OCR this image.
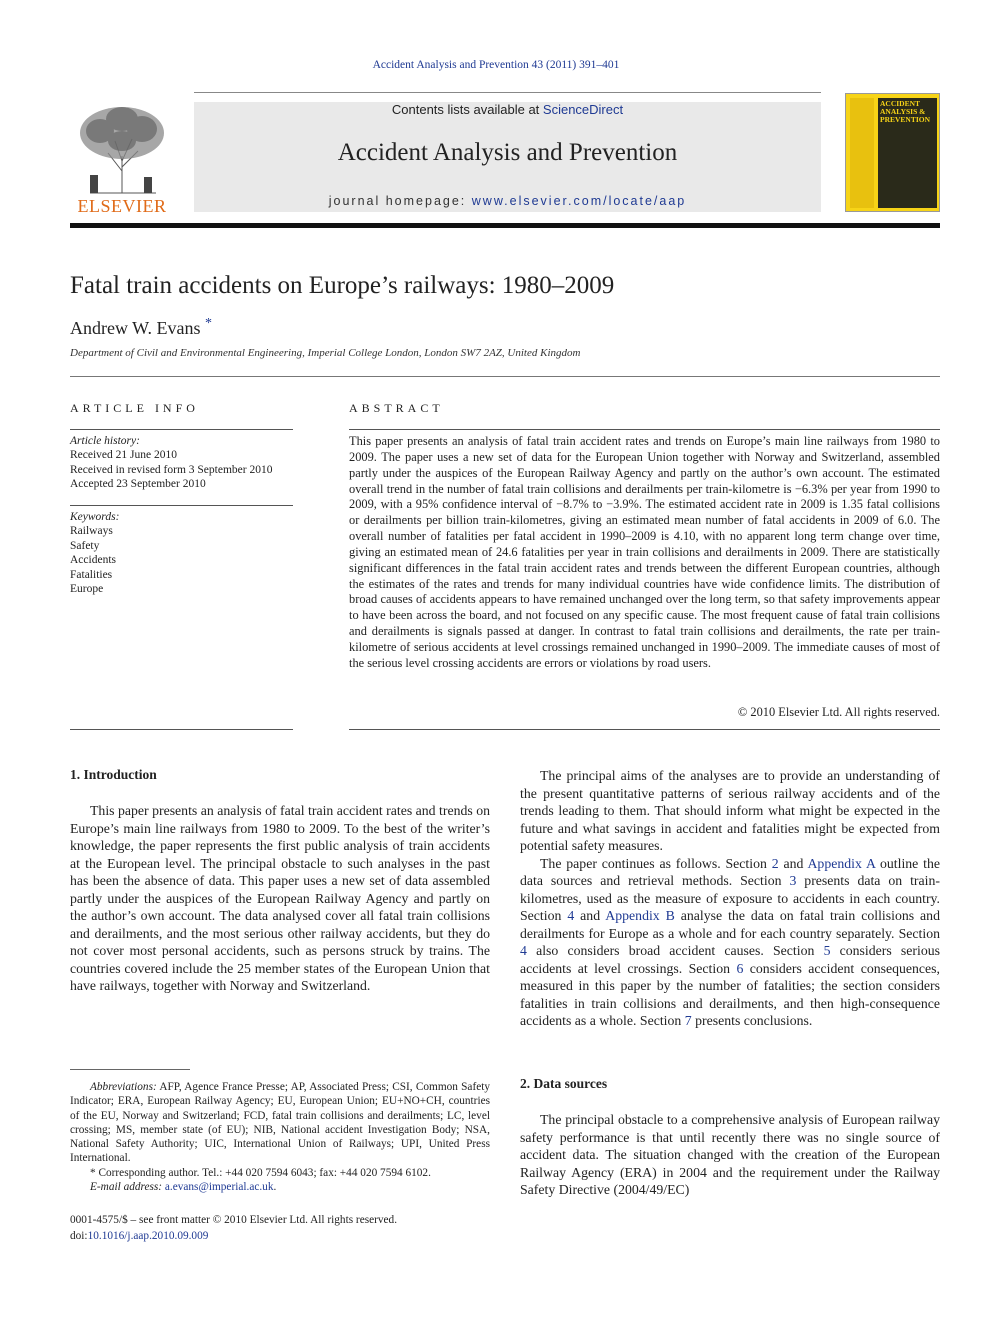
Accident Analysis and Prevention 43 (2011) 391–401
ELSEVIER
Contents lists available at ScienceDirect
Accident Analysis and Prevention
journal homepage: www.elsevier.com/locate/aap
ACCIDENT ANALYSIS & PREVENTION
Fatal train accidents on Europe’s railways: 1980–2009
Andrew W. Evans *
Department of Civil and Environmental Engineering, Imperial College London, London SW7 2AZ, United Kingdom
ARTICLE INFO
Article history:
Received 21 June 2010
Received in revised form 3 September 2010
Accepted 23 September 2010
Keywords:
Railways
Safety
Accidents
Fatalities
Europe
ABSTRACT
This paper presents an analysis of fatal train accident rates and trends on Europe’s main line railways from 1980 to 2009. The paper uses a new set of data for the European Union together with Norway and Switzerland, assembled partly under the auspices of the European Railway Agency and partly on the author’s own account. The estimated overall trend in the number of fatal train collisions and derailments per train-kilometre is −6.3% per year from 1990 to 2009, with a 95% confidence interval of −8.7% to −3.9%. The estimated accident rate in 2009 is 1.35 fatal collisions or derailments per billion train-kilometres, giving an estimated mean number of fatal accidents in 2009 of 6.0. The overall number of fatalities per fatal accident in 1990–2009 is 4.10, with no apparent long term change over time, giving an estimated mean of 24.6 fatalities per year in train collisions and derailments in 2009. There are statistically significant differences in the fatal train accident rates and trends between the different European countries, although the estimates of the rates and trends for many individual countries have wide confidence limits. The distribution of broad causes of accidents appears to have remained unchanged over the long term, so that safety improvements appear to have been across the board, and not focused on any specific cause. The most frequent cause of fatal train collisions and derailments is signals passed at danger. In contrast to fatal train collisions and derailments, the rate per train-kilometre of serious accidents at level crossings remained unchanged in 1990–2009. The immediate causes of most of the serious level crossing accidents are errors or violations by road users.
© 2010 Elsevier Ltd. All rights reserved.
1. Introduction

This paper presents an analysis of fatal train accident rates and trends on Europe’s main line railways from 1980 to 2009. To the best of the writer’s knowledge, the paper represents the first public analysis of train accidents at the European level. The principal obstacle to such analyses in the past has been the absence of data. This paper uses a new set of data assembled partly under the auspices of the European Railway Agency and partly on the author’s own account. The data analysed cover all fatal train collisions and derailments, and the most serious other railway accidents, but they do not cover most personal accidents, such as persons struck by trains. The countries covered include the 25 member states of the European Union that have railways, together with Norway and Switzerland.

The principal aims of the analyses are to provide an understanding of the present quantitative patterns of serious railway accidents and of the trends leading to them. That should inform what might be expected in the future and what savings in accident and fatalities might be expected from potential safety measures.

The paper continues as follows. Section 2 and Appendix A outline the data sources and retrieval methods. Section 3 presents data on train-kilometres, used as the measure of exposure to accidents in each country. Section 4 and Appendix B analyse the data on fatal train collisions and derailments for Europe as a whole and for each country separately. Section 4 also considers broad accident causes. Section 5 considers serious accidents at level crossings. Section 6 considers accident consequences, measured in this paper by the number of fatalities; the section considers fatalities in train collisions and derailments, and then high-consequence accidents as a whole. Section 7 presents conclusions.

2. Data sources

The principal obstacle to a comprehensive analysis of European railway safety performance is that until recently there was no single source of accident data. The situation changed with the creation of the European Railway Agency (ERA) in 2004 and the requirement under the Railway Safety Directive (2004/49/EC)

Abbreviations: AFP, Agence France Presse; AP, Associated Press; CSI, Common Safety Indicator; ERA, European Railway Agency; EU, European Union; EU+NO+CH, countries of the EU, Norway and Switzerland; FCD, fatal train collisions and derailments; LC, level crossing; MS, member state (of EU); NIB, National accident Investigation Body; NSA, National Safety Authority; UIC, International Union of Railways; UPI, United Press International.

* Corresponding author. Tel.: +44 020 7594 6043; fax: +44 020 7594 6102.

E-mail address: a.evans@imperial.ac.uk.

0001-4575/$ – see front matter © 2010 Elsevier Ltd. All rights reserved.
doi:10.1016/j.aap.2010.09.009
